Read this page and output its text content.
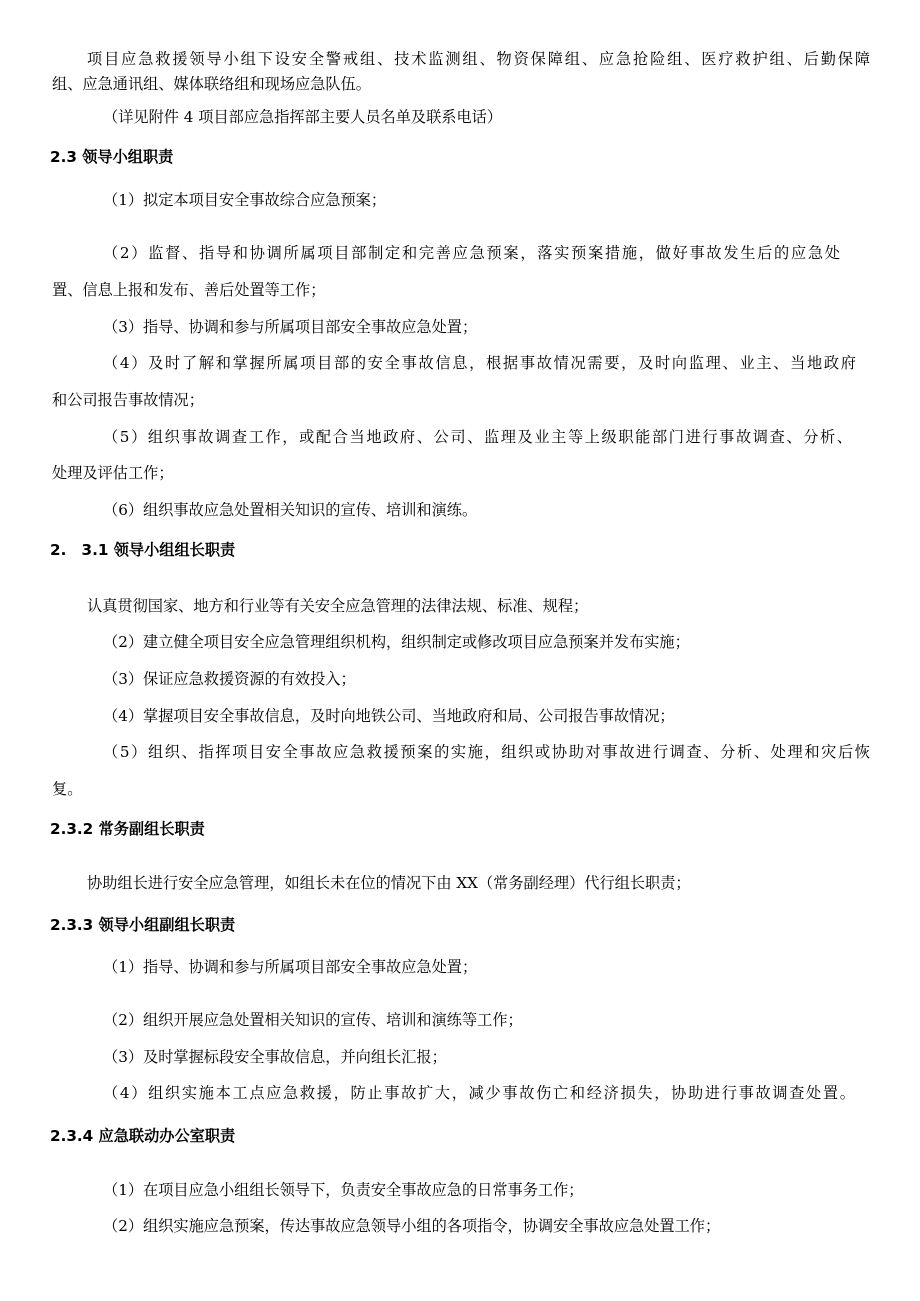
项目应急救援领导小组下设安全警戒组、技术监测组、物资保障组、应急抢险组、医疗救护组、后勤保障
组、应急通讯组、媒体联络组和现场应急队伍。
（详见附件 4 项目部应急指挥部主要人员名单及联系电话）
2.3 领导小组职责
（1）拟定本项目安全事故综合应急预案；
（2）监督、指导和协调所属项目部制定和完善应急预案，落实预案措施，做好事故发生后的应急处
置、信息上报和发布、善后处置等工作；
（3）指导、协调和参与所属项目部安全事故应急处置；
（4）及时了解和掌握所属项目部的安全事故信息，根据事故情况需要，及时向监理、业主、当地政府
和公司报告事故情况；
（5）组织事故调查工作，或配合当地政府、公司、监理及业主等上级职能部门进行事故调查、分析、
处理及评估工作；
（6）组织事故应急处置相关知识的宣传、培训和演练。
2.　3.1 领导小组组长职责
认真贯彻国家、地方和行业等有关安全应急管理的法律法规、标准、规程；
（2）建立健全项目安全应急管理组织机构，组织制定或修改项目应急预案并发布实施；
（3）保证应急救援资源的有效投入；
（4）掌握项目安全事故信息，及时向地铁公司、当地政府和局、公司报告事故情况；
（5）组织、指挥项目安全事故应急救援预案的实施，组织或协助对事故进行调查、分析、处理和灾后恢
复。
2.3.2 常务副组长职责
协助组长进行安全应急管理，如组长未在位的情况下由 XX（常务副经理）代行组长职责；
2.3.3 领导小组副组长职责
（1）指导、协调和参与所属项目部安全事故应急处置；
（2）组织开展应急处置相关知识的宣传、培训和演练等工作；
（3）及时掌握标段安全事故信息，并向组长汇报；
（4）组织实施本工点应急救援，防止事故扩大，减少事故伤亡和经济损失，协助进行事故调查处置。
2.3.4 应急联动办公室职责
（1）在项目应急小组组长领导下，负责安全事故应急的日常事务工作；
（2）组织实施应急预案，传达事故应急领导小组的各项指令，协调安全事故应急处置工作；
